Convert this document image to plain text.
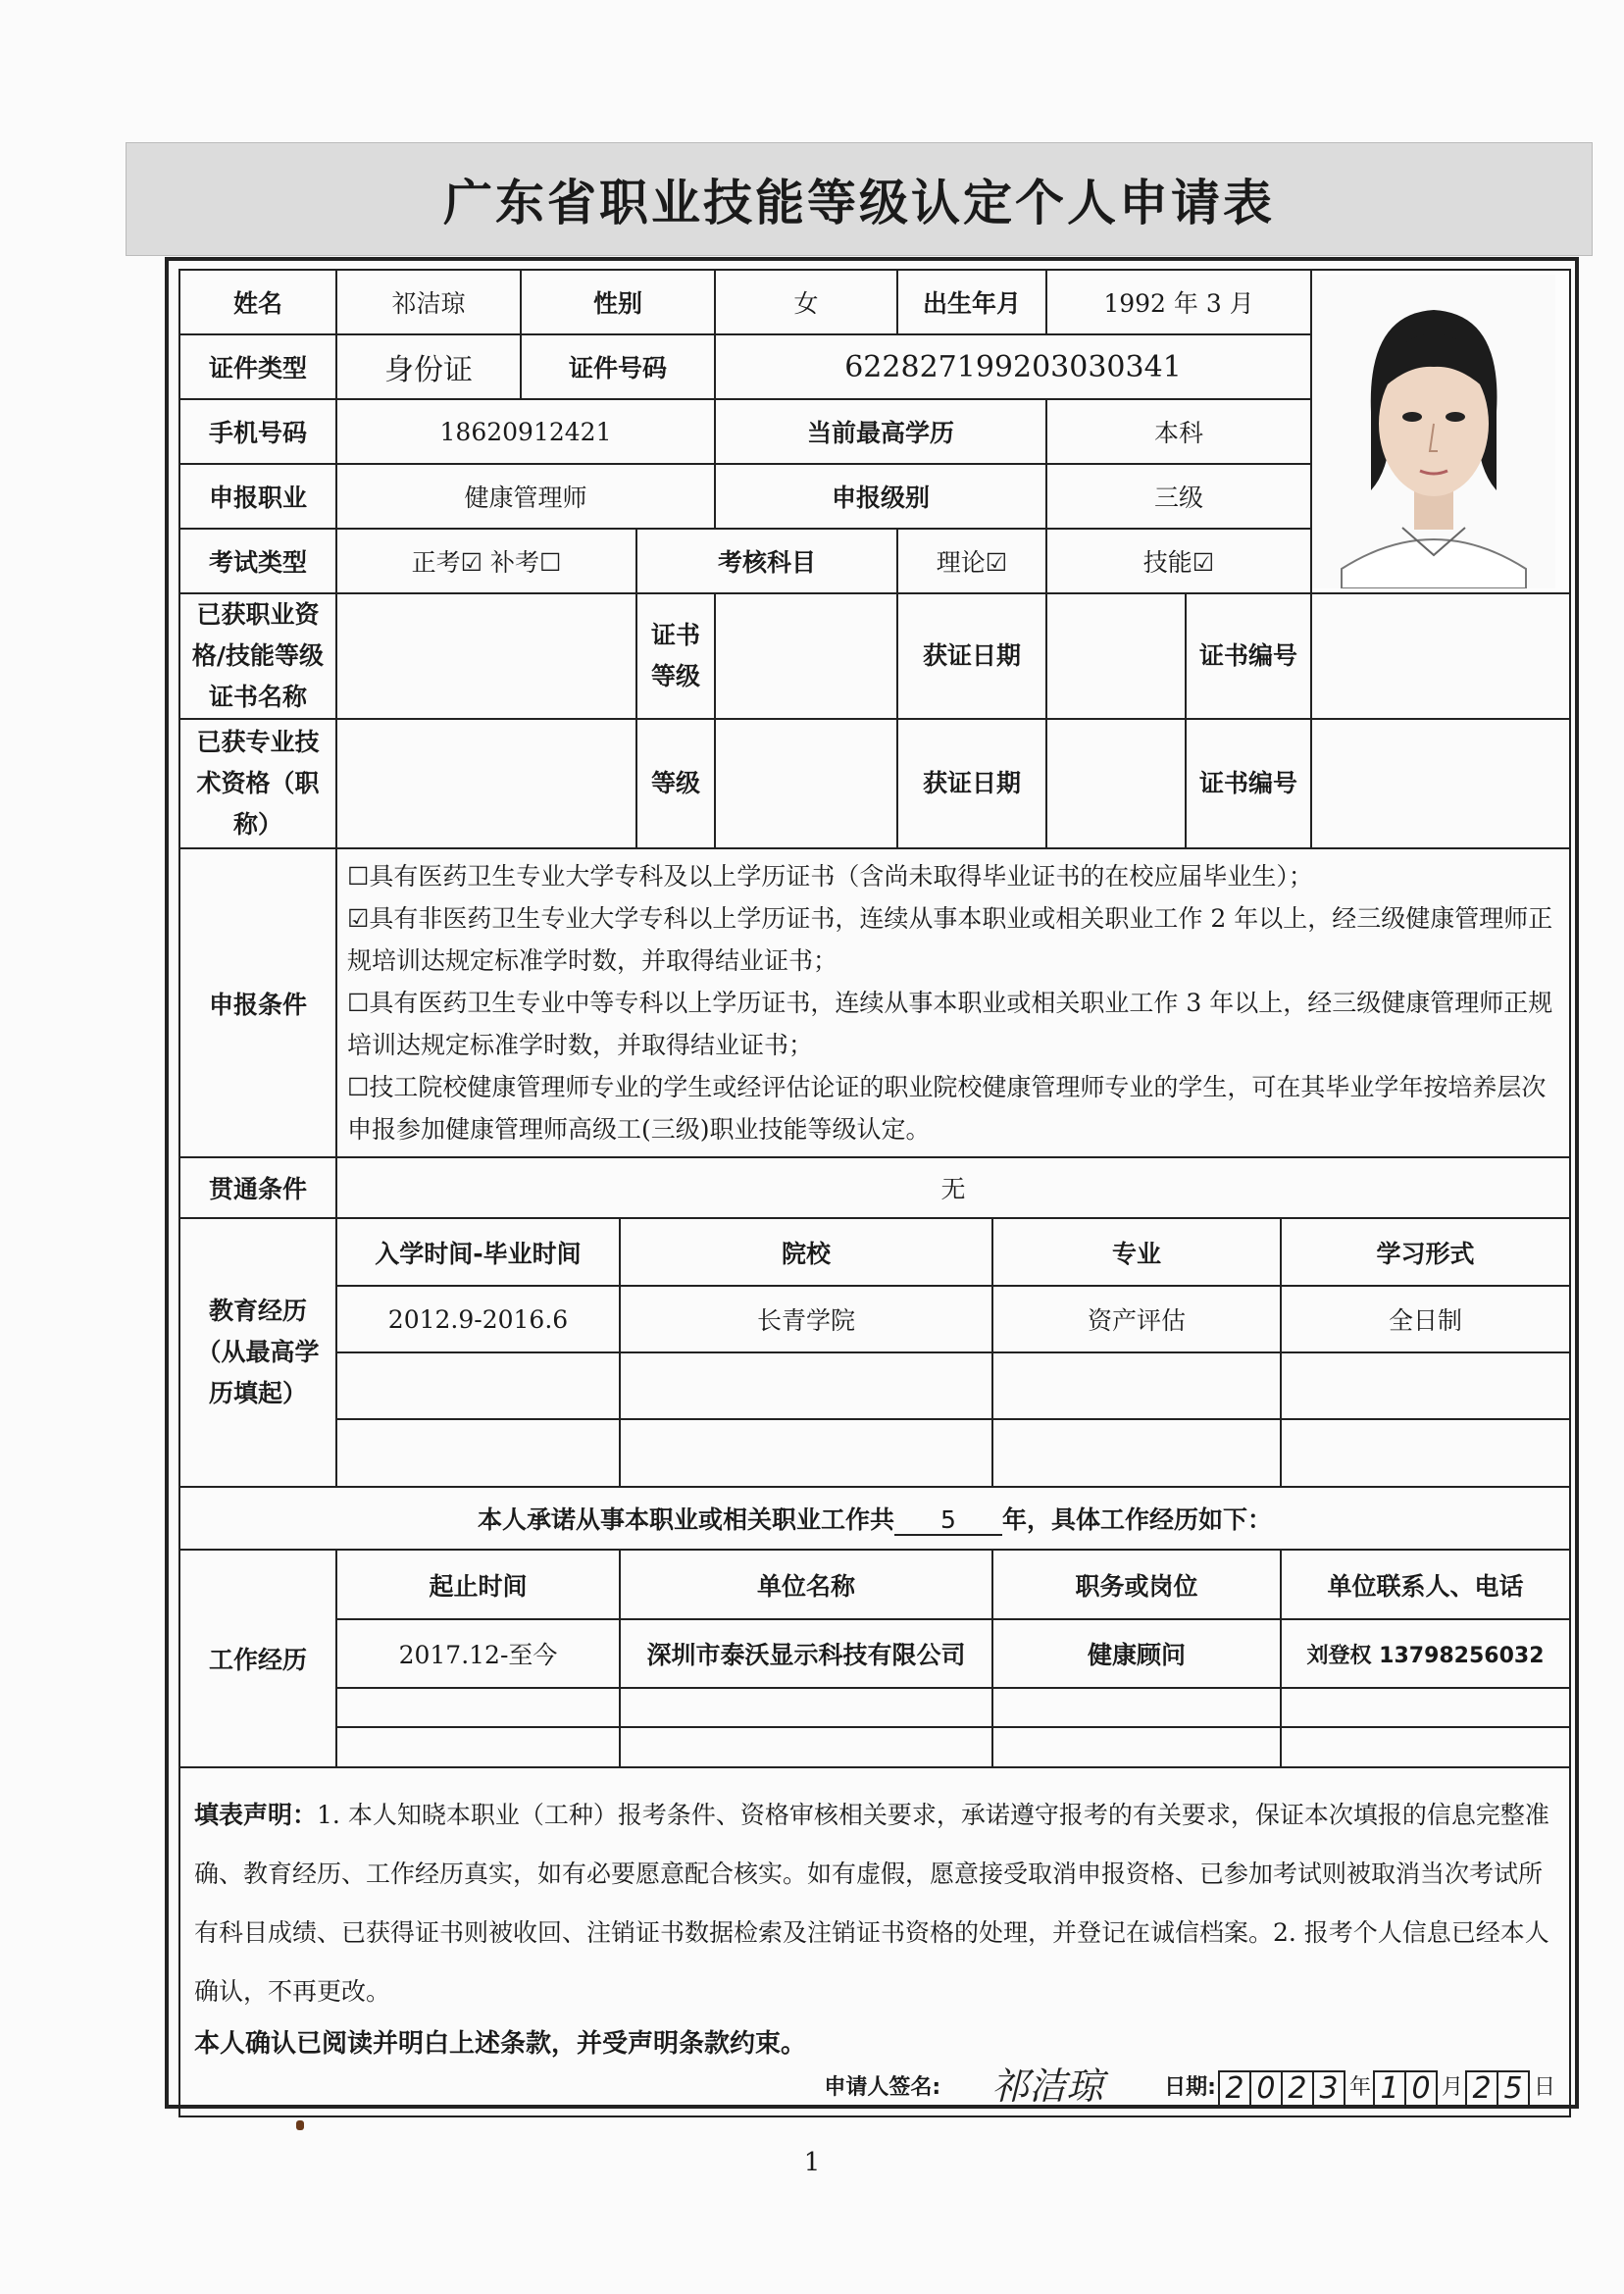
广东省职业技能等级认定个人申请表
姓名	祁洁琼	性别	女	出生年月	1992 年 3 月	

证件类型	身份证	证件号码	622827199203030341
手机号码	18620912421	当前最高学历	本科
申报职业	健康管理师	申报级别	三级
考试类型	正考☑ 补考☐	考核科目	理论☑	技能☑
已获职业资格/技能等级证书名称		证书等级		获证日期		证书编号	
已获专业技术资格（职称）		等级		获证日期		证书编号	
申报条件	

☐具有医药卫生专业大学专科及以上学历证书（含尚未取得毕业证书的在校应届毕业生）；

☑具有非医药卫生专业大学专科以上学历证书，连续从事本职业或相关职业工作 2 年以上，经三级健康管理师正规培训达规定标准学时数，并取得结业证书；

☐具有医药卫生专业中等专科以上学历证书，连续从事本职业或相关职业工作 3 年以上，经三级健康管理师正规培训达规定标准学时数，并取得结业证书；

☐技工院校健康管理师专业的学生或经评估论证的职业院校健康管理师专业的学生，可在其毕业学年按培养层次申报参加健康管理师高级工(三级)职业技能等级认定。

贯通条件	无
教育经历（从最高学历填起）	
入学时间-毕业时间	院校	专业	学习形式
2012.9-2016.6	长青学院	资产评估	全日制

本人承诺从事本职业或相关职业工作共 5 年，具体工作经历如下：
工作经历	
起止时间	单位名称	职务或岗位	单位联系人、电话
2017.12-至今	深圳市泰沃显示科技有限公司	健康顾问	刘登权 13798256032

填表声明：1. 本人知晓本职业（工种）报考条件、资格审核相关要求，承诺遵守报考的有关要求，保证本次填报的信息完整准确、教育经历、工作经历真实，如有必要愿意配合核实。如有虚假，愿意接受取消申报资格、已参加考试则被取消当次考试所有科目成绩、已获得证书则被收回、注销证书数据检索及注销证书资格的处理，并登记在诚信档案。2. 报考个人信息已经本人确认，不再更改。
本人确认已阅读并明白上述条款，并受声明条款约束。
申请人签名:	祁洁琼	日期: 2 0 2 3 年 1 0 月 2 5 日
1
